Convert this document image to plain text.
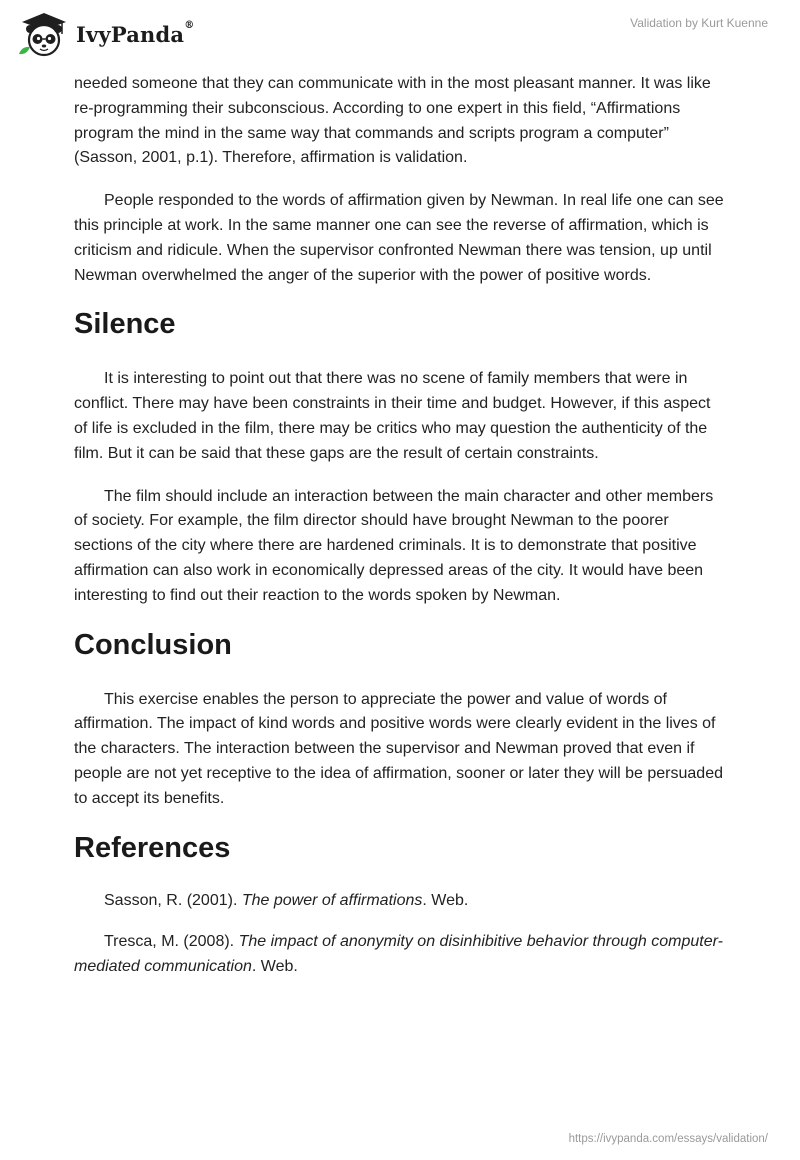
IvyPanda®	Validation by Kurt Kuenne

needed someone that they can communicate with in the most pleasant manner. It was like re-programming their subconscious. According to one expert in this field, “Affirmations program the mind in the same way that commands and scripts program a computer” (Sasson, 2001, p.1). Therefore, affirmation is validation.

People responded to the words of affirmation given by Newman. In real life one can see this principle at work. In the same manner one can see the reverse of affirmation, which is criticism and ridicule. When the supervisor confronted Newman there was tension, up until Newman overwhelmed the anger of the superior with the power of positive words.

Silence

It is interesting to point out that there was no scene of family members that were in conflict. There may have been constraints in their time and budget. However, if this aspect of life is excluded in the film, there may be critics who may question the authenticity of the film. But it can be said that these gaps are the result of certain constraints.

The film should include an interaction between the main character and other members of society. For example, the film director should have brought Newman to the poorer sections of the city where there are hardened criminals. It is to demonstrate that positive affirmation can also work in economically depressed areas of the city. It would have been interesting to find out their reaction to the words spoken by Newman.

Conclusion

This exercise enables the person to appreciate the power and value of words of affirmation. The impact of kind words and positive words were clearly evident in the lives of the characters. The interaction between the supervisor and Newman proved that even if people are not yet receptive to the idea of affirmation, sooner or later they will be persuaded to accept its benefits.

References

Sasson, R. (2001). The power of affirmations. Web.

Tresca, M. (2008). The impact of anonymity on disinhibitive behavior through computer-mediated communication. Web.

https://ivypanda.com/essays/validation/
